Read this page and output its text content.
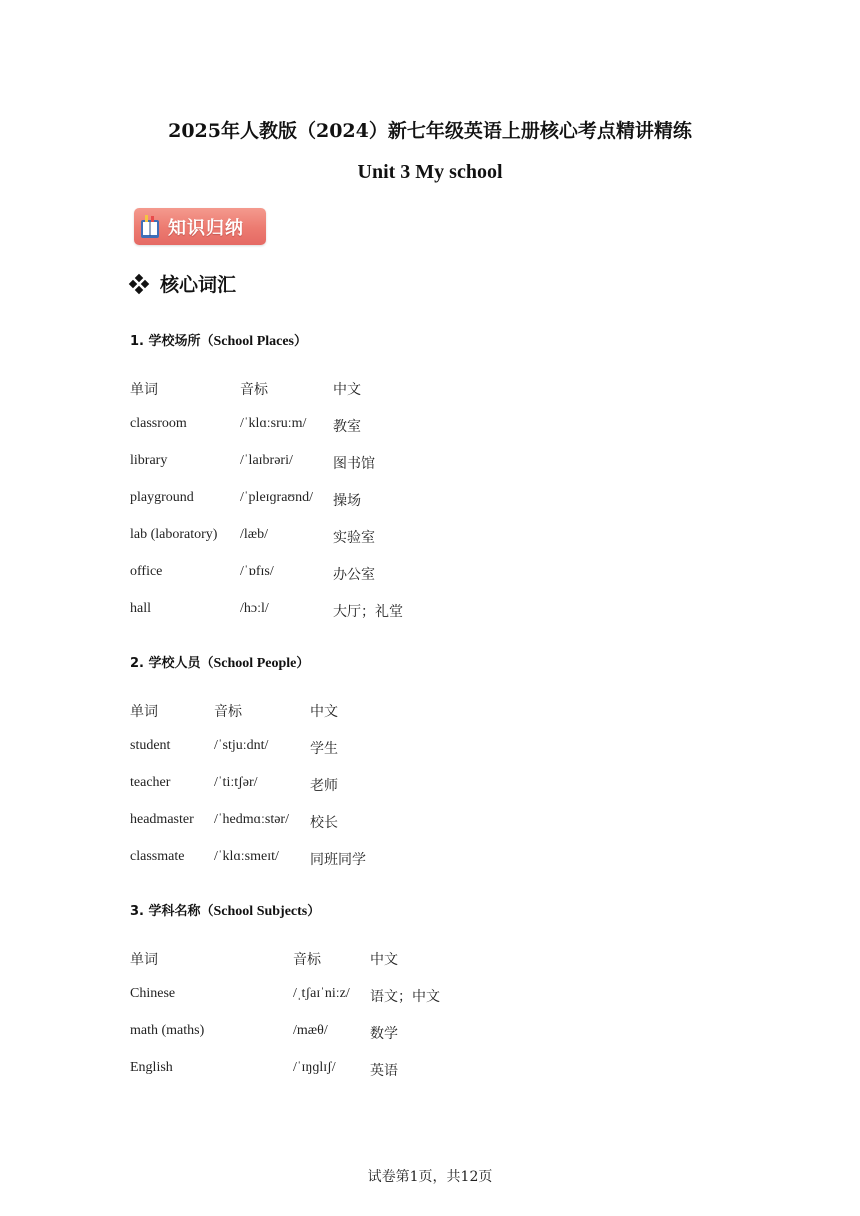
2025年人教版（2024）新七年级英语上册核心考点精讲精练
Unit 3 My school
知识归纳
核心词汇
1. 学校场所（School Places）
单词	音标	中文
classroom	/ˈklɑːsruːm/ 教室
library	/ˈlaɪbrəri/	图书馆
playground	/ˈpleɪɡraʊnd/ 操场
lab (laboratory) /læb/	实验室
office	/ˈɒfɪs/	办公室
hall	/hɔːl/	大厅；礼堂
2. 学校人员（School People）
单词	音标	中文
student	/ˈstjuːdnt/	学生
teacher	/ˈtiːtʃər/	老师
headmaster /ˈhedmɑːstər/ 校长
classmate /ˈklɑːsmeɪt/ 同班同学
3. 学科名称（School Subjects）
单词	音标	中文
Chinese	/ˌtʃaɪˈniːz/ 语文；中文
math (maths)	/mæθ/	数学
English	/ˈɪŋɡlɪʃ/ 英语
试卷第1页，共12页
